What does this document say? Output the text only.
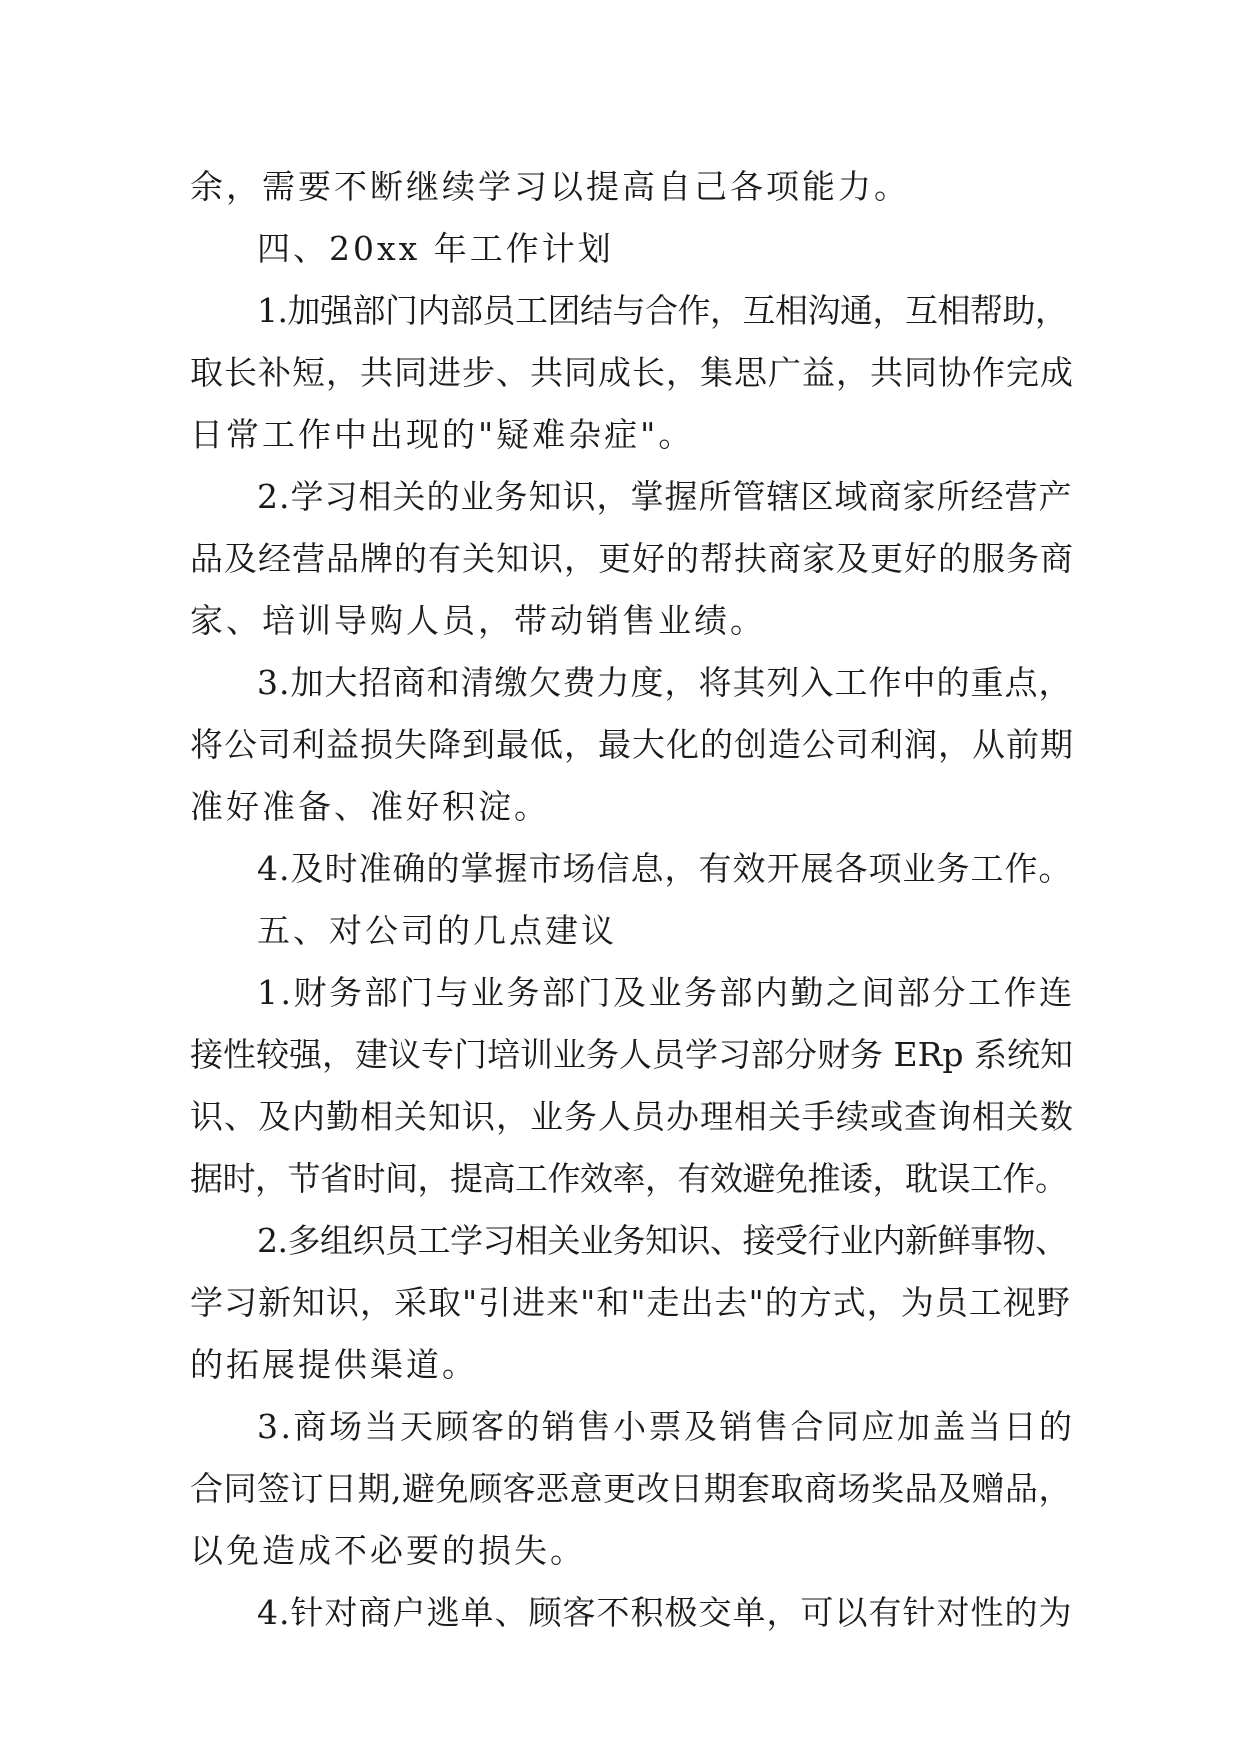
余，需要不断继续学习以提高自己各项能力。
四、20xx 年工作计划
1.加强部门内部员工团结与合作，互相沟通，互相帮助，
取长补短，共同进步、共同成长，集思广益，共同协作完成
日常工作中出现的"疑难杂症"。
2.学习相关的业务知识，掌握所管辖区域商家所经营产
品及经营品牌的有关知识，更好的帮扶商家及更好的服务商
家、培训导购人员，带动销售业绩。
3.加大招商和清缴欠费力度，将其列入工作中的重点，
将公司利益损失降到最低，最大化的创造公司利润，从前期
准好准备、准好积淀。
4.及时准确的掌握市场信息，有效开展各项业务工作。
五、对公司的几点建议
1.财务部门与业务部门及业务部内勤之间部分工作连
接性较强，建议专门培训业务人员学习部分财务 ERp 系统知
识、及内勤相关知识，业务人员办理相关手续或查询相关数
据时，节省时间，提高工作效率，有效避免推诿，耽误工作。
2.多组织员工学习相关业务知识、接受行业内新鲜事物、
学习新知识，采取"引进来"和"走出去"的方式，为员工视野
的拓展提供渠道。
3.商场当天顾客的销售小票及销售合同应加盖当日的
合同签订日期,避免顾客恶意更改日期套取商场奖品及赠品，
以免造成不必要的损失。
4.针对商户逃单、顾客不积极交单，可以有针对性的为
